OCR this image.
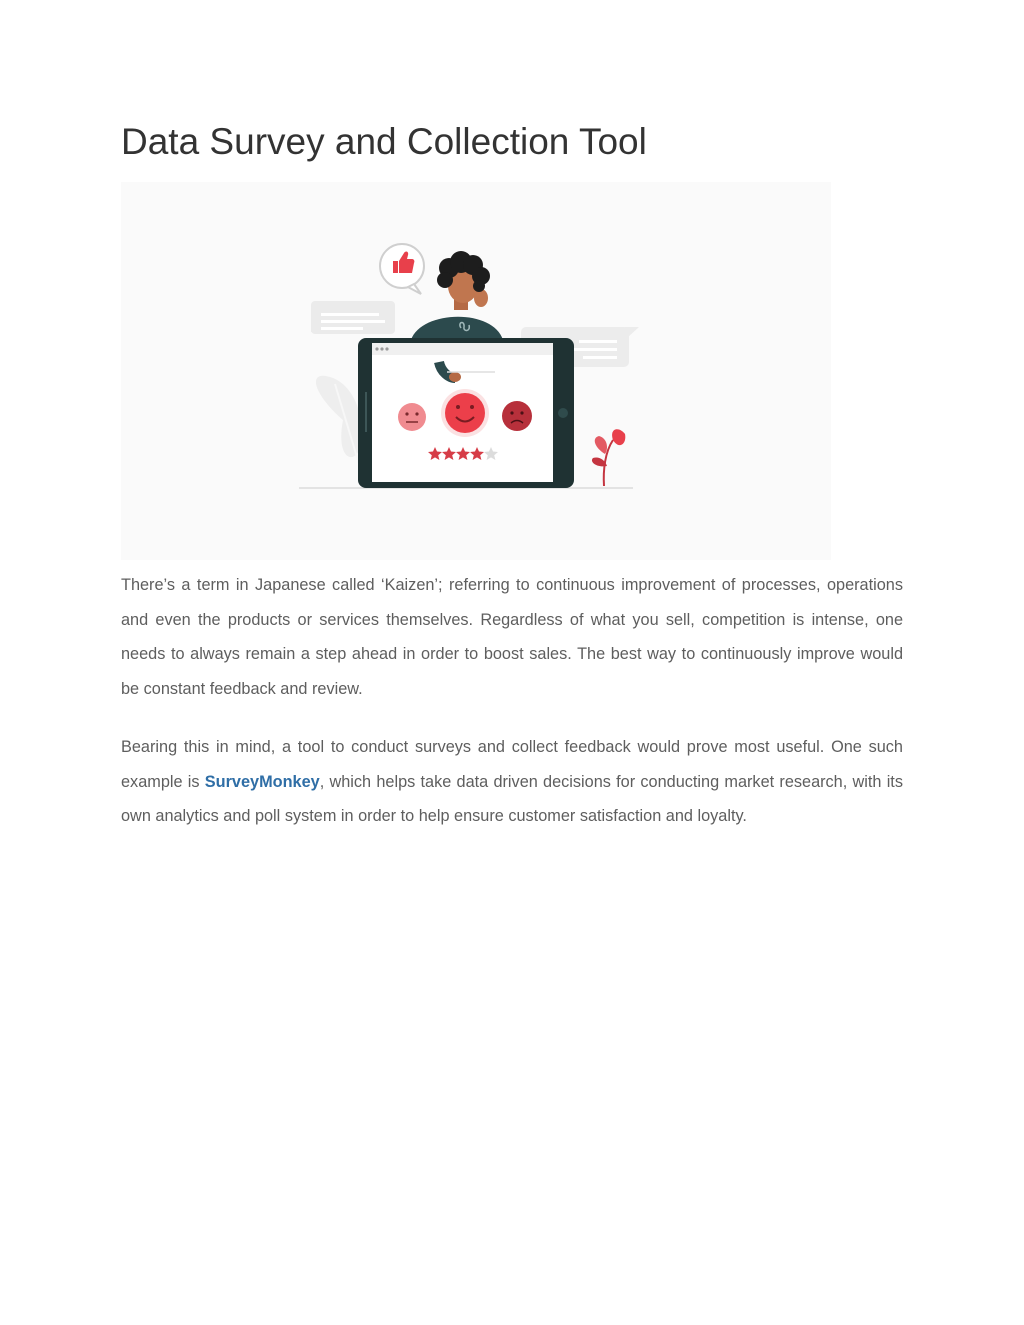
Data Survey and Collection Tool

There’s a term in Japanese called ‘Kaizen’; referring to continuous improvement of processes, operations and even the products or services themselves. Regardless of what you sell, competition is intense, one needs to always remain a step ahead in order to boost sales. The best way to continuously improve would be constant feedback and review.

Bearing this in mind, a tool to conduct surveys and collect feedback would prove most useful. One such example is SurveyMonkey, which helps take data driven decisions for conducting market research, with its own analytics and poll system in order to help ensure customer satisfaction and loyalty.
